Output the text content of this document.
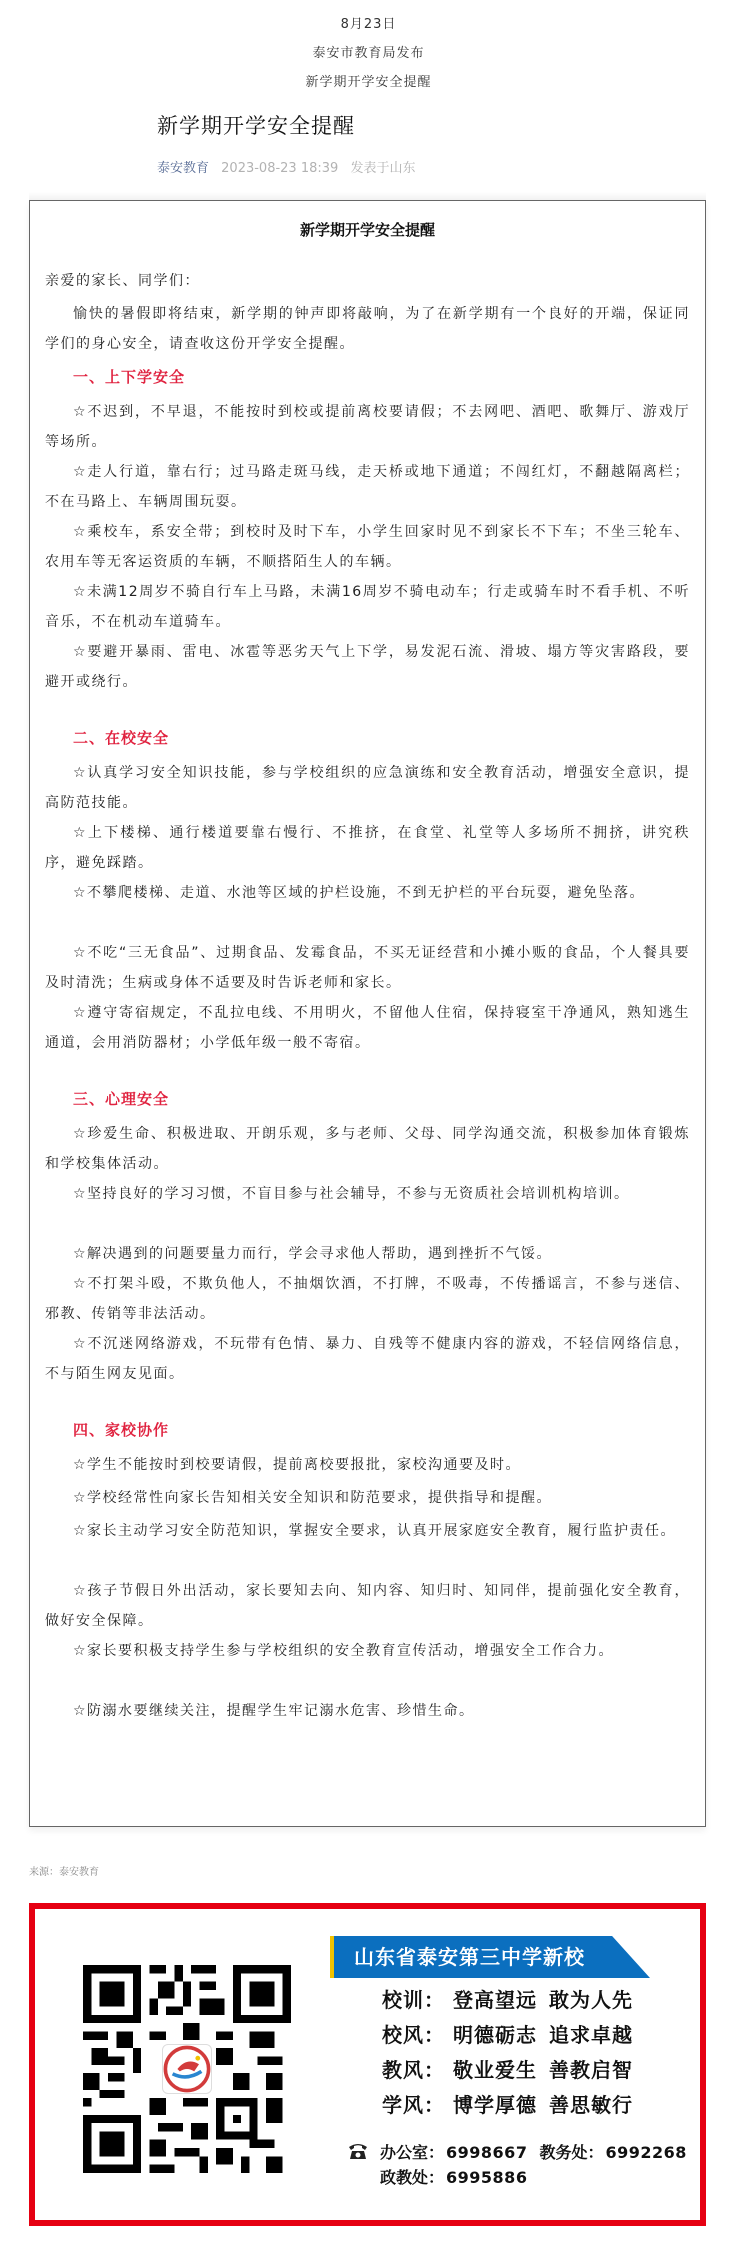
8月23日
泰安市教育局发布
新学期开学安全提醒
新学期开学安全提醒
泰安教育 2023-08-23 18:39 发表于山东
新学期开学安全提醒

亲爱的家长、同学们：

愉快的暑假即将结束，新学期的钟声即将敲响，为了在新学期有一个良好的开端，保证同学们的身心安全，请查收这份开学安全提醒。

一、上下学安全

☆不迟到，不早退，不能按时到校或提前离校要请假；不去网吧、酒吧、歌舞厅、游戏厅等场所。

☆走人行道，靠右行；过马路走斑马线，走天桥或地下通道；不闯红灯，不翻越隔离栏；不在马路上、车辆周围玩耍。

☆乘校车，系安全带；到校时及时下车，小学生回家时见不到家长不下车；不坐三轮车、农用车等无客运资质的车辆，不顺搭陌生人的车辆。

☆未满12周岁不骑自行车上马路，未满16周岁不骑电动车；行走或骑车时不看手机、不听音乐，不在机动车道骑车。

☆要避开暴雨、雷电、冰雹等恶劣天气上下学，易发泥石流、滑坡、塌方等灾害路段，要避开或绕行。

二、在校安全

☆认真学习安全知识技能，参与学校组织的应急演练和安全教育活动，增强安全意识，提高防范技能。

☆上下楼梯、通行楼道要靠右慢行、不推挤，在食堂、礼堂等人多场所不拥挤，讲究秩序，避免踩踏。

☆不攀爬楼梯、走道、水池等区域的护栏设施，不到无护栏的平台玩耍，避免坠落。

☆不吃“三无食品”、过期食品、发霉食品，不买无证经营和小摊小贩的食品，个人餐具要及时清洗；生病或身体不适要及时告诉老师和家长。

☆遵守寄宿规定，不乱拉电线、不用明火，不留他人住宿，保持寝室干净通风，熟知逃生通道，会用消防器材；小学低年级一般不寄宿。

三、心理安全

☆珍爱生命、积极进取、开朗乐观，多与老师、父母、同学沟通交流，积极参加体育锻炼和学校集体活动。

☆坚持良好的学习习惯，不盲目参与社会辅导，不参与无资质社会培训机构培训。

☆解决遇到的问题要量力而行，学会寻求他人帮助，遇到挫折不气馁。

☆不打架斗殴，不欺负他人，不抽烟饮酒，不打牌，不吸毒，不传播谣言，不参与迷信、邪教、传销等非法活动。

☆不沉迷网络游戏，不玩带有色情、暴力、自残等不健康内容的游戏，不轻信网络信息，不与陌生网友见面。

四、家校协作

☆学生不能按时到校要请假，提前离校要报批，家校沟通要及时。

☆学校经常性向家长告知相关安全知识和防范要求，提供指导和提醒。

☆家长主动学习安全防范知识，掌握安全要求，认真开展家庭安全教育，履行监护责任。

☆孩子节假日外出活动，家长要知去向、知内容、知归时、知同伴，提前强化安全教育，做好安全保障。

☆家长要积极支持学生参与学校组织的安全教育宣传活动，增强安全工作合力。

☆防溺水要继续关注，提醒学生牢记溺水危害、珍惜生命。

来源：泰安教育
山东省泰安第三中学新校
校训： 登高望远 敢为人先
校风： 明德砺志 追求卓越
教风： 敬业爱生 善教启智
学风： 博学厚德 善思敏行
办公室： 6998667 教务处： 6992268
政教处： 6995886
